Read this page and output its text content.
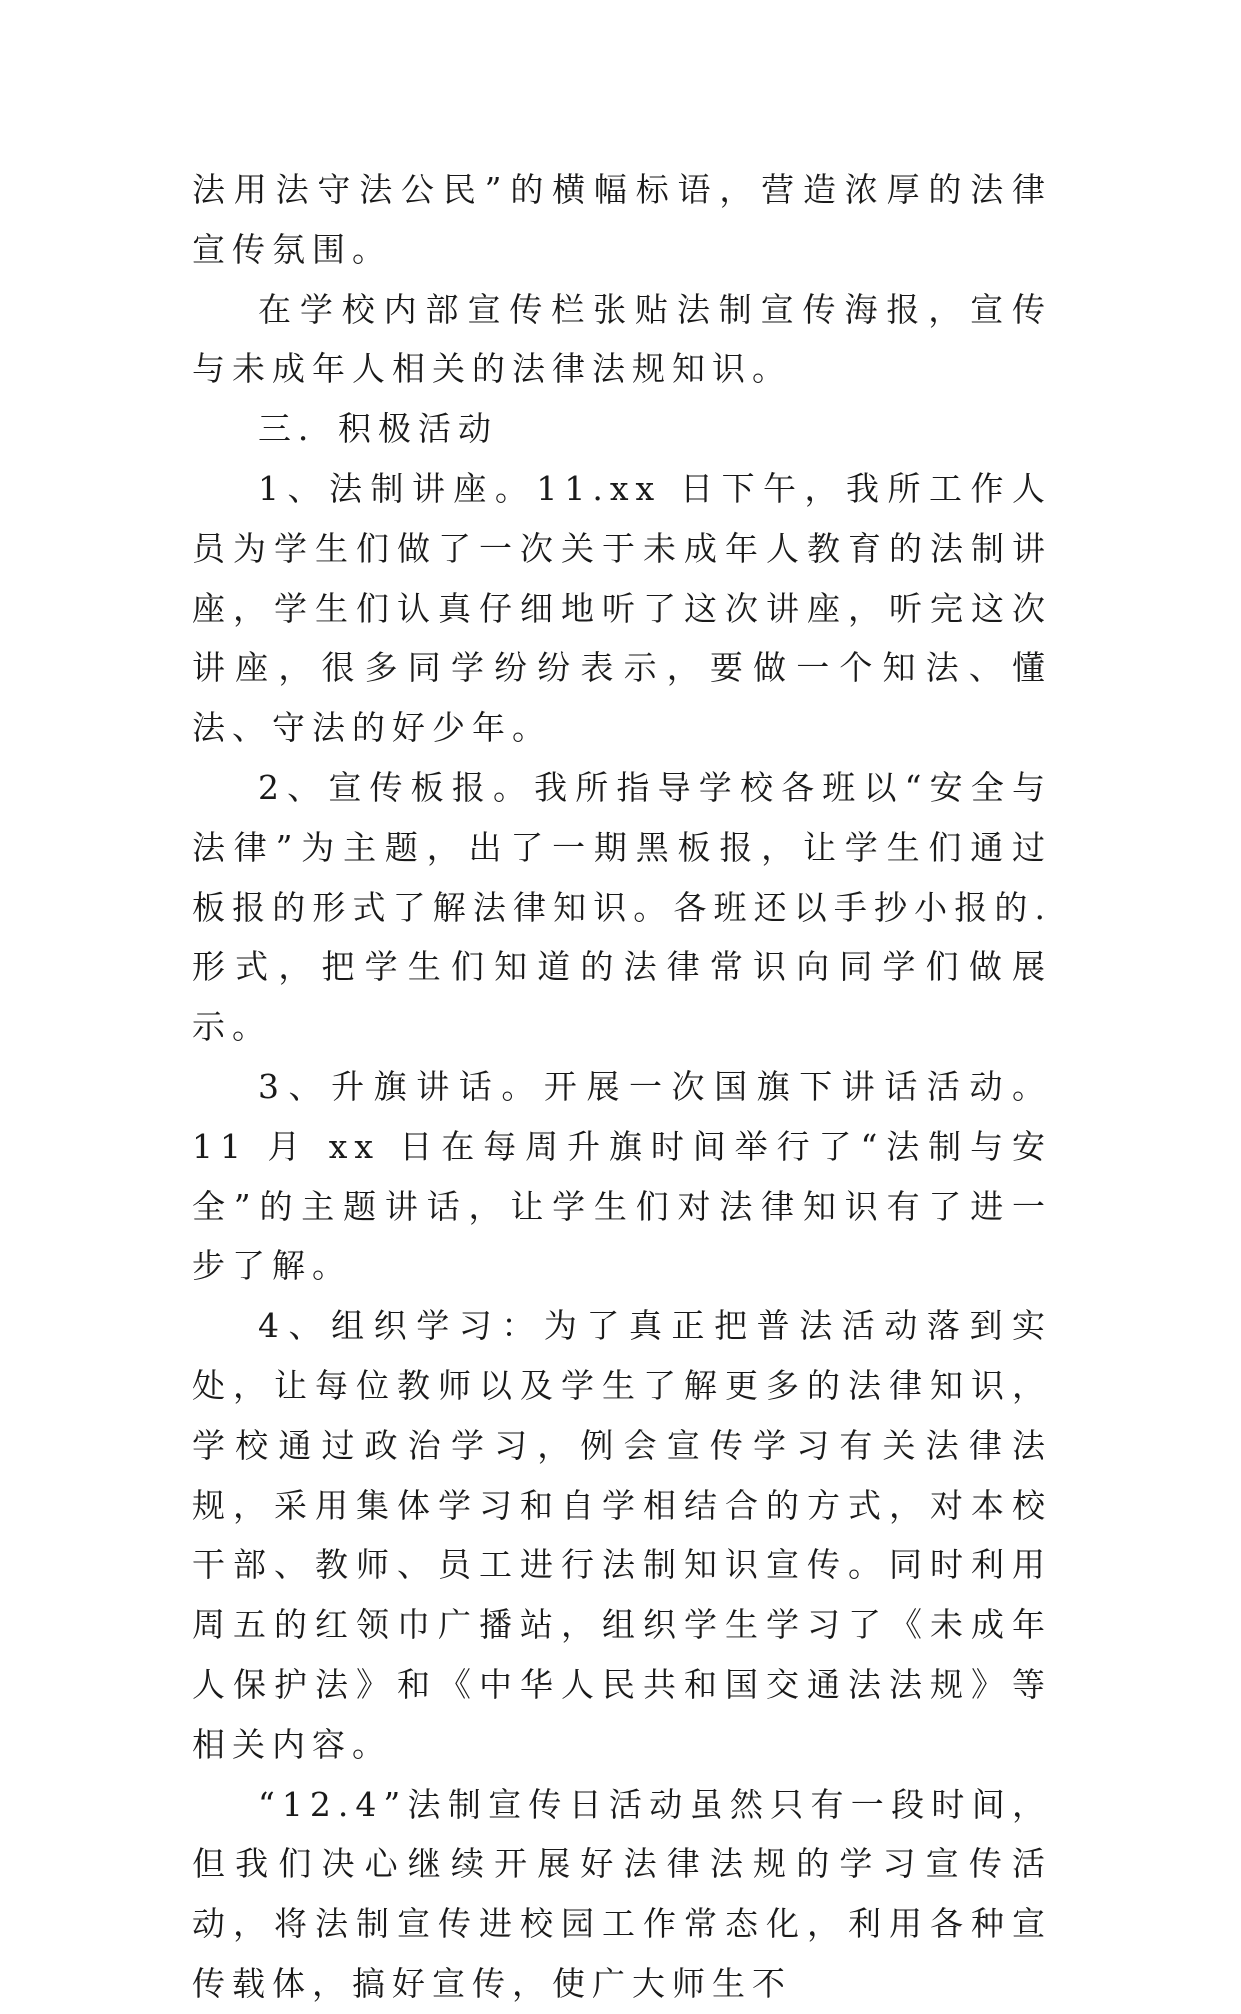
法用法守法公民”的横幅标语，营造浓厚的法律宣传氛围。

在学校内部宣传栏张贴法制宣传海报，宣传与未成年人相关的法律法规知识。

三．积极活动

1、法制讲座。11.xx 日下午，我所工作人员为学生们做了一次关于未成年人教育的法制讲座，学生们认真仔细地听了这次讲座，听完这次讲座，很多同学纷纷表示，要做一个知法、懂法、守法的好少年。

2、宣传板报。我所指导学校各班以“安全与法律”为主题，出了一期黑板报，让学生们通过板报的形式了解法律知识。各班还以手抄小报的.形式，把学生们知道的法律常识向同学们做展示。

3、升旗讲话。开展一次国旗下讲话活动。11 月 xx 日在每周升旗时间举行了“法制与安全”的主题讲话，让学生们对法律知识有了进一步了解。

4、组织学习：为了真正把普法活动落到实处，让每位教师以及学生了解更多的法律知识，学校通过政治学习，例会宣传学习有关法律法规，采用集体学习和自学相结合的方式，对本校干部、教师、员工进行法制知识宣传。同时利用周五的红领巾广播站，组织学生学习了《未成年人保护法》和《中华人民共和国交通法法规》等相关内容。

“12.4”法制宣传日活动虽然只有一段时间，但我们决心继续开展好法律法规的学习宣传活动，将法制宣传进校园工作常态化，利用各种宣传载体，搞好宣传，使广大师生不
